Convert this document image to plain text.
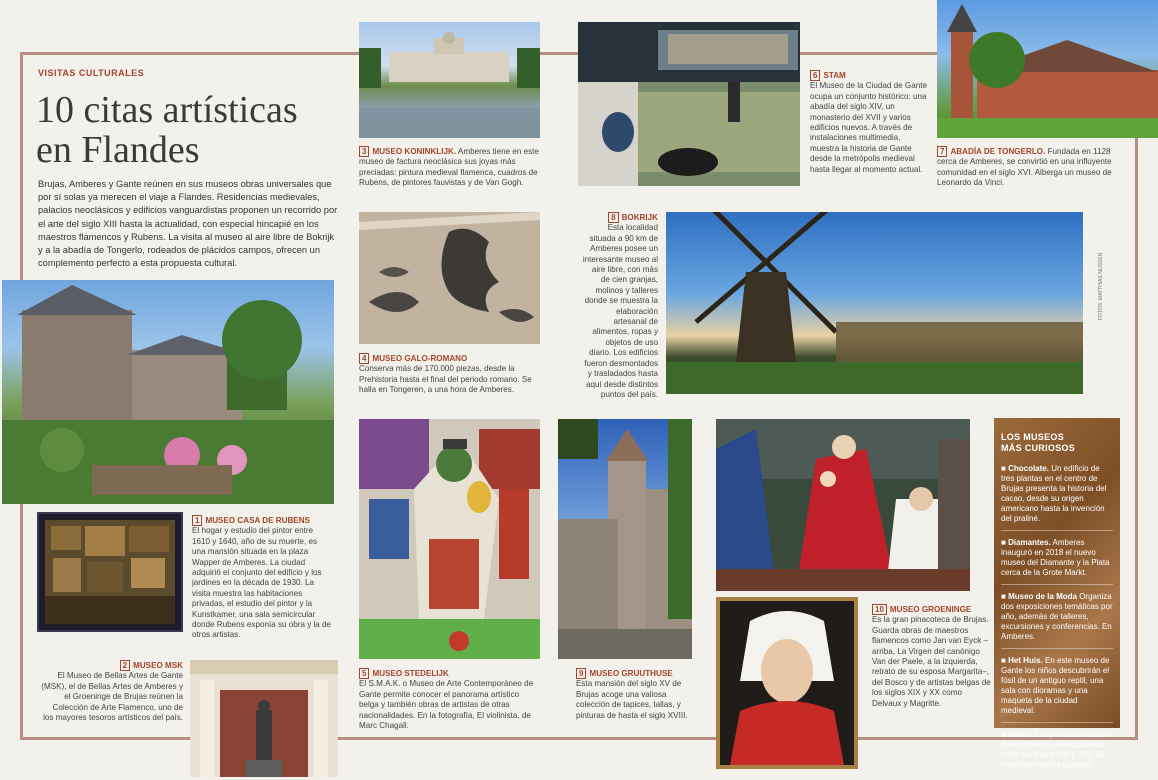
VISITAS CULTURALES
10 citas artísticas
en Flandes
Brujas, Amberes y Gante reúnen en sus museos obras universales que por sí solas ya merecen el viaje a Flandes. Residencias medievales, palacios neoclásicos y edificios vanguardistas proponen un recorrido por el arte del siglo XIII hasta la actualidad, con especial hincapié en los maestros flamencos y Rubens. La visita al museo al aire libre de Bokrijk y a la abadía de Tongerlo, rodeados de plácidos campos, ofrecen un complemento perfecto a esta propuesta cultural.
1 MUSEO CASA DE RUBENS
El hogar y estudio del pintor entre 1610 y 1640, año de su muerte, es una mansión situada en la plaza Wapper de Amberes. La ciudad adquirió el conjunto del edificio y los jardines en la década de 1930. La visita muestra las habitaciones privadas, el estudio del pintor y la Kunstkamer, una sala semicircular donde Rubens exponía su obra y la de otros artistas.
2 MUSEO MSK
El Museo de Bellas Artes de Gante (MSK), el de Bellas Artes de Amberes y el Groeninge de Brujas reúnen la Colección de Arte Flamenco, uno de los mayores tesoros artísticos del país.
3 MUSEO KONINKLIJK. Amberes tiene en este museo de factura neoclásica sus joyas más preciadas: pintura medieval flamenca, cuadros de Rubens, de pintores fauvistas y de Van Gogh.
4 MUSEO GALO-ROMANO
Conserva más de 170.000 piezas, desde la Prehistoria hasta el final del periodo romano. Se halla en Tongeren, a una hora de Amberes.
5 MUSEO STEDELIJK
El S.M.A.K. o Museo de Arte Contemporáneo de Gante permite conocer el panorama artístico belga y también obras de artistas de otras nacionalidades. En la fotografía, El violinista, de Marc Chagall.
6 STAM
El Museo de la Ciudad de Gante ocupa un conjunto histórico: una abadía del siglo XIV, un monasterio del XVII y varios edificios nuevos. A través de instalaciones multimedia, muestra la historia de Gante desde la metrópolis medieval hasta llegar al momento actual.
7 ABADÍA DE TONGERLO. Fundada en 1128 cerca de Amberes, se convirtió en una influyente comunidad en el siglo XVI. Alberga un museo de Leonardo da Vinci.
8 BOKRIJK
Esta localidad situada a 90 km de Amberes posee un interesante museo al aire libre, con más de cien granjas, molinos y talleres donde se muestra la elaboración artesanal de alimentos, ropas y objetos de uso diario. Los edificios fueron desmontados y trasladados hasta aquí desde distintos puntos del país.
FOTOS: MATTHIAS NIJSSEN
9 MUSEO GRUUTHUSE
Esta mansión del siglo XV de Brujas acoge una valiosa colección de tapices, tallas, y pinturas de hasta el siglo XVIII.
10 MUSEO GROENINGE
Es la gran pinacoteca de Brujas. Guarda obras de maestros flamencos como Jan van Eyck –arriba, La Virgen del canónigo Van der Paele, a la izquierda, retrato de su esposa Margarita–, del Bosco y de artistas belgas de los siglos XIX y XX como Delvaux y Magritte.
LOS MUSEOS
MÁS CURIOSOS
■ Chocolate. Un edificio de tres plantas en el centro de Brujas presenta la historia del cacao, desde su origen americano hasta la invención del praliné.
■ Diamantes. Amberes inauguró en 2018 el nuevo museo del Diamante y la Plata cerca de la Grote Markt.
■ Museo de la Moda Organiza dos exposiciones temáticas por año, además de talleres, excursiones y conferencias. En Amberes.
■ Het Huis. En este museo de Gante los niños descubrirán el fósil de un antiguo reptil, una sala con dioramas y una maqueta de la ciudad medieval.
■ Ruien. Los primeros canales de Amberes fueron cubiertos entre los siglos XVI y XIX. Se organizan visitas guiadas.
